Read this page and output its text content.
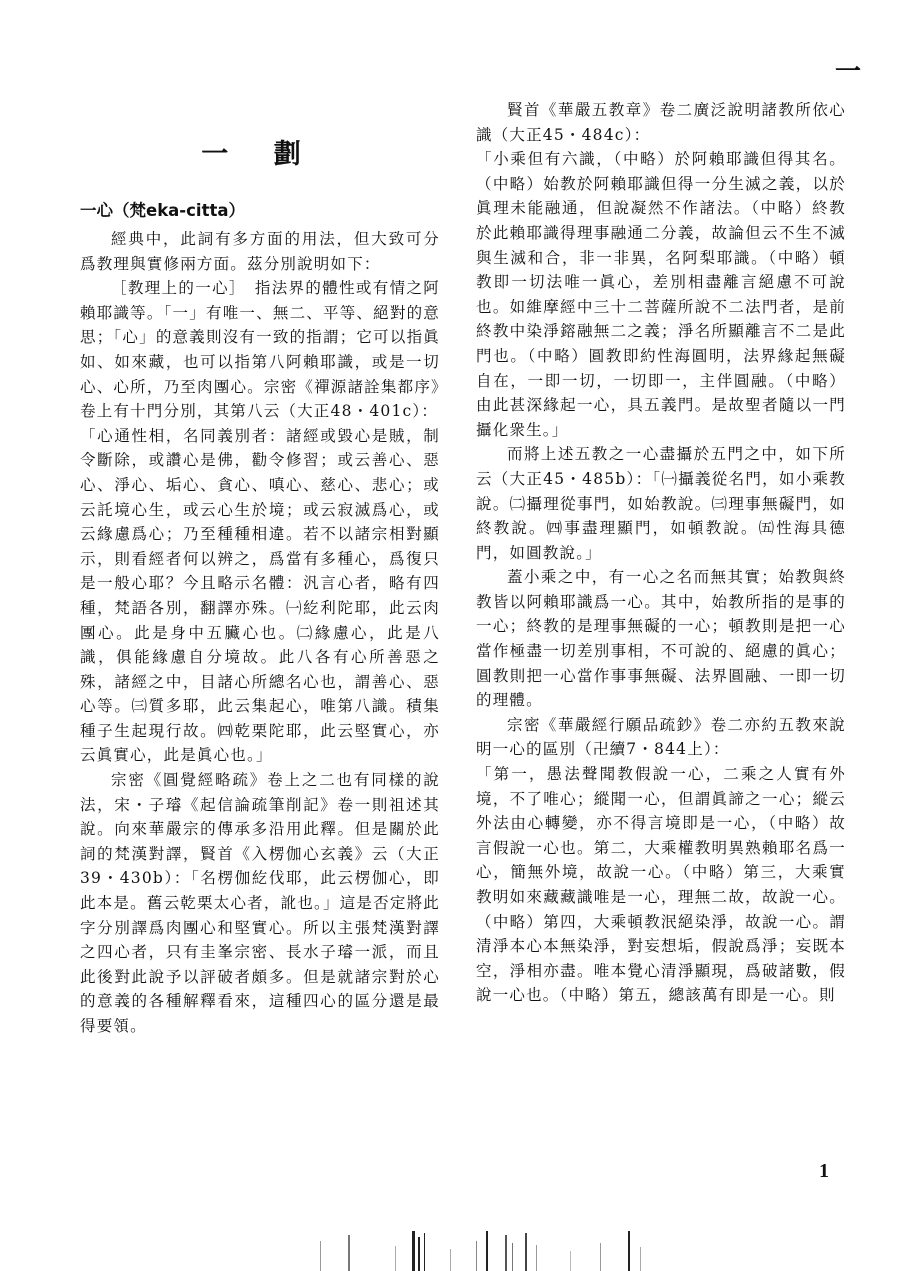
一
一 劃
一心（梵eka-citta）

經典中，此詞有多方面的用法，但大致可分爲教理與實修兩方面。茲分別說明如下：

［教理上的一心］　指法界的體性或有情之阿賴耶識等。「一」有唯一、無二、平等、絕對的意思；「心」的意義則沒有一致的指謂；它可以指眞如、如來藏，也可以指第八阿賴耶識，或是一切心、心所，乃至肉團心。宗密《禪源諸詮集都序》卷上有十門分別，其第八云（大正48・401c）：

「心通性相，名同義別者：諸經或毀心是賊，制令斷除，或讚心是佛，勸令修習；或云善心、惡心、淨心、垢心、貪心、嗔心、慈心、悲心；或云託境心生，或云心生於境；或云寂滅爲心，或云緣慮爲心；乃至種種相違。若不以諸宗相對顯示，則看經者何以辨之，爲當有多種心，爲復只是一般心耶？今且略示名體：汎言心者，略有四種，梵語各別，翻譯亦殊。㈠紇利陀耶，此云肉團心。此是身中五臟心也。㈡緣慮心，此是八識，俱能緣慮自分境故。此八各有心所善惡之殊，諸經之中，目諸心所總名心也，謂善心、惡心等。㈢質多耶，此云集起心，唯第八識。積集種子生起現行故。㈣乾栗陀耶，此云堅實心，亦云眞實心，此是眞心也。」

宗密《圓覺經略疏》卷上之二也有同樣的說法，宋・子璿《起信論疏筆削記》卷一則祖述其說。向來華嚴宗的傳承多沿用此釋。但是關於此詞的梵漢對譯，賢首《入楞伽心玄義》云（大正39・430b）：「名楞伽紇伐耶，此云楞伽心，即此本是。舊云乾栗太心者，訛也。」這是否定將此字分別譯爲肉團心和堅實心。所以主張梵漢對譯之四心者，只有圭峯宗密、長水子璿一派，而且此後對此說予以評破者頗多。但是就諸宗對於心的意義的各種解釋看來，這種四心的區分還是最得要領。

賢首《華嚴五教章》卷二廣泛說明諸教所依心識（大正45・484c）：

「小乘但有六識，（中略）於阿賴耶識但得其名。（中略）始教於阿賴耶識但得一分生滅之義，以於眞理未能融通，但說凝然不作諸法。（中略）終教於此賴耶識得理事融通二分義，故論但云不生不滅與生滅和合，非一非異，名阿梨耶識。（中略）頓教即一切法唯一眞心，差別相盡離言絕慮不可說也。如維摩經中三十二菩薩所說不二法門者，是前終教中染淨鎔融無二之義；淨名所顯離言不二是此門也。（中略）圓教即約性海圓明，法界緣起無礙自在，一即一切，一切即一，主伴圓融。（中略）由此甚深緣起一心，具五義門。是故聖者隨以一門攝化衆生。」

而將上述五教之一心盡攝於五門之中，如下所云（大正45・485b）：「㈠攝義從名門，如小乘教說。㈡攝理從事門，如始教說。㈢理事無礙門，如終教說。㈣事盡理顯門，如頓教說。㈤性海具德門，如圓教說。」

蓋小乘之中，有一心之名而無其實；始教與終教皆以阿賴耶識爲一心。其中，始教所指的是事的一心；終教的是理事無礙的一心；頓教則是把一心當作極盡一切差別事相，不可說的、絕慮的眞心；圓教則把一心當作事事無礙、法界圓融、一即一切的理體。

宗密《華嚴經行願品疏鈔》卷二亦約五教來說明一心的區別（卍續7・844上）：

「第一，愚法聲聞教假說一心，二乘之人實有外境，不了唯心；縱聞一心，但謂眞諦之一心；縱云外法由心轉變，亦不得言境即是一心，（中略）故言假說一心也。第二，大乘權教明異熟賴耶名爲一心，簡無外境，故說一心。（中略）第三，大乘實教明如來藏藏識唯是一心，理無二故，故說一心。（中略）第四，大乘頓教泯絕染淨，故說一心。謂清淨本心本無染淨，對妄想垢，假說爲淨；妄既本空，淨相亦盡。唯本覺心清淨顯現，爲破諸數，假說一心也。（中略）第五，總該萬有即是一心。則

1
